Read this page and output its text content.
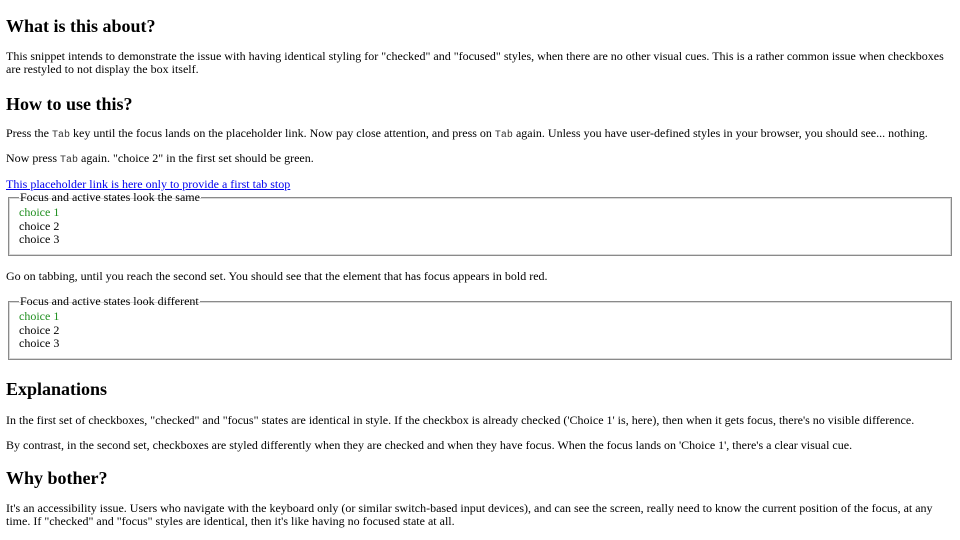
What is this about?

This snippet intends to demonstrate the issue with having identical styling for "checked" and "focused" styles, when there are no other visual cues. This is a rather common issue when checkboxes are restyled to not display the box itself.

How to use this?

Press the Tab key until the focus lands on the placeholder link. Now pay close attention, and press on Tab again. Unless you have user-defined styles in your browser, you should see... nothing.

Now press Tab again. "choice 2" in the first set should be green.

This placeholder link is here only to provide a first tab stop
Focus and active states look the same
choice 1
choice 2
choice 3

Go on tabbing, until you reach the second set. You should see that the element that has focus appears in bold red.

Focus and active states look different
choice 1
choice 2
choice 3
Explanations

In the first set of checkboxes, "checked" and "focus" states are identical in style. If the checkbox is already checked ('Choice 1' is, here), then when it gets focus, there's no visible difference.

By contrast, in the second set, checkboxes are styled differently when they are checked and when they have focus. When the focus lands on 'Choice 1', there's a clear visual cue.

Why bother?

It's an accessibility issue. Users who navigate with the keyboard only (or similar switch-based input devices), and can see the screen, really need to know the current position of the focus, at any time. If "checked" and "focus" styles are identical, then it's like having no focused state at all.
